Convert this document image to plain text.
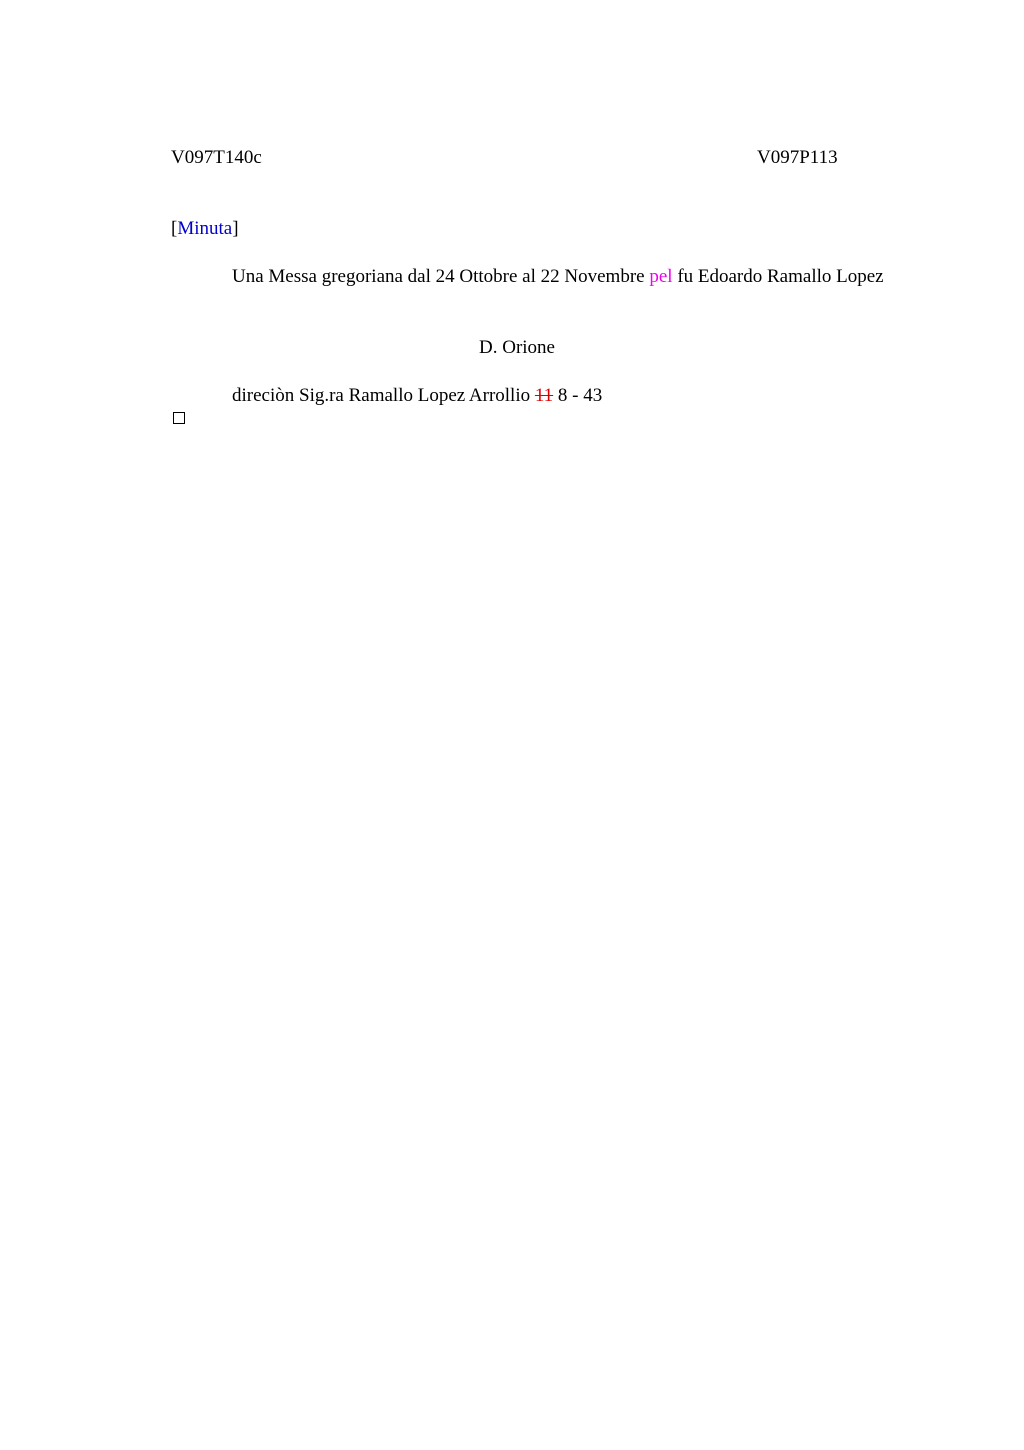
V097T140c	V097P113
[Minuta]
Una Messa gregoriana dal 24 Ottobre al 22 Novembre pel fu Edoardo Ramallo Lopez
D. Orione
direciòn Sig.ra Ramallo Lopez Arrollio 11 8 - 43
